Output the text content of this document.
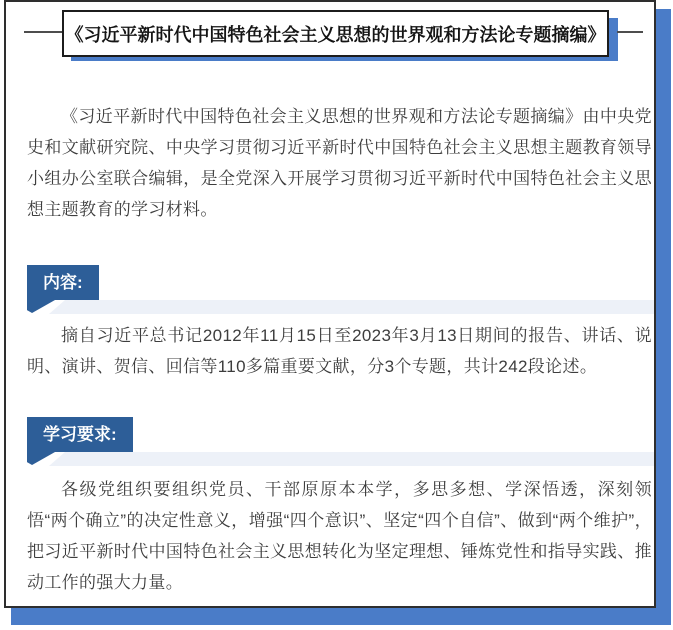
《习近平新时代中国特色社会主义思想的世界观和方法论专题摘编》

《习近平新时代中国特色社会主义思想的世界观和方法论专题摘编》由中央党史和文献研究院、中央学习贯彻习近平新时代中国特色社会主义思想主题教育领导小组办公室联合编辑，是全党深入开展学习贯彻习近平新时代中国特色社会主义思想主题教育的学习材料。

内容:

摘自习近平总书记2012年11月15日至2023年3月13日期间的报告、讲话、说明、演讲、贺信、回信等110多篇重要文献，分3个专题，共计242段论述。

学习要求:

各级党组织要组织党员、干部原原本本学，多思多想、学深悟透，深刻领悟“两个确立”的决定性意义，增强“四个意识”、坚定“四个自信”、做到“两个维护”，把习近平新时代中国特色社会主义思想转化为坚定理想、锤炼党性和指导实践、推动工作的强大力量。
